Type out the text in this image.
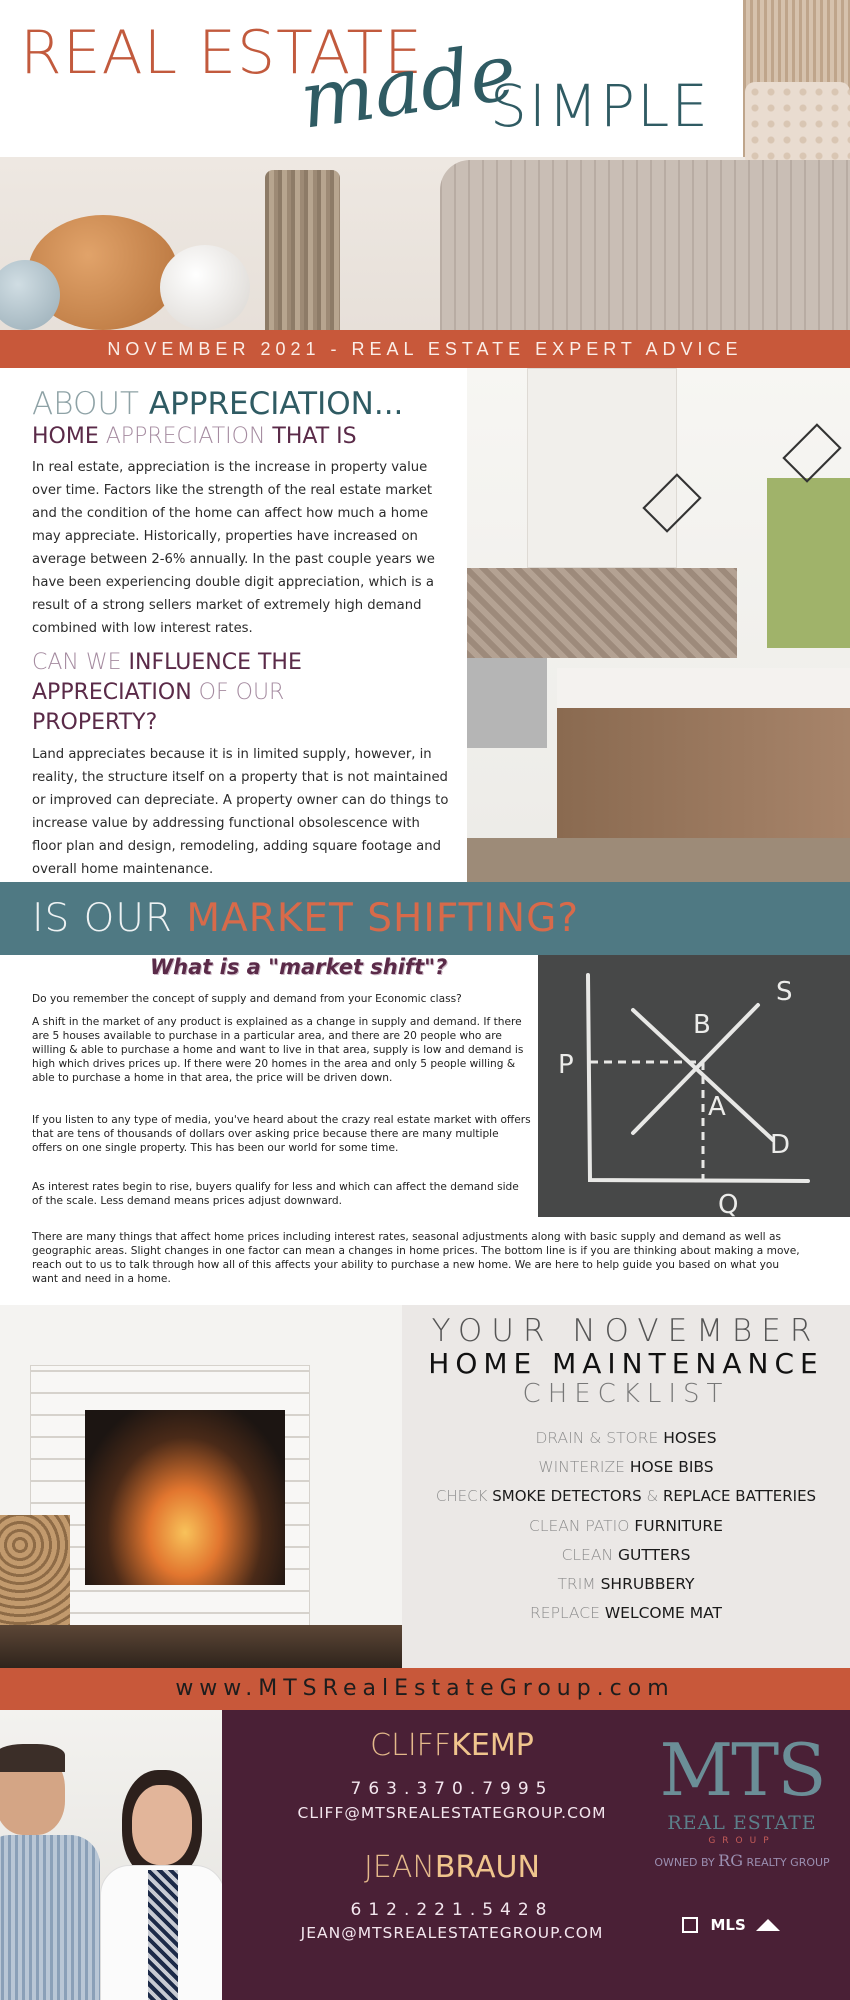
REAL ESTATE
made
SIMPLE
NOVEMBER 2021 - REAL ESTATE EXPERT ADVICE
ABOUT APPRECIATION...
HOME APPRECIATION THAT IS

In real estate, appreciation is the increase in property value over time. Factors like the strength of the real estate market and the condition of the home can affect how much a home may appreciate. Historically, properties have increased on average between 2-6% annually. In the past couple years we have been experiencing double digit appreciation, which is a result of a strong sellers market of extremely high demand combined with low interest rates.

CAN WE INFLUENCE THE APPRECIATION OF OUR PROPERTY?

Land appreciates because it is in limited supply, however, in reality, the structure itself on a property that is not maintained or improved can depreciate. A property owner can do things to increase value by addressing functional obsolescence with floor plan and design, remodeling, adding square footage and overall home maintenance.

IS OUR MARKET SHIFTING?
What is a "market shift"?

Do you remember the concept of supply and demand from your Economic class?

A shift in the market of any product is explained as a change in supply and demand. If there are 5 houses available to purchase in a particular area, and there are 20 people who are willing & able to purchase a home and want to live in that area, supply is low and demand is high which drives prices up. If there were 20 homes in the area and only 5 people willing & able to purchase a home in that area, the price will be driven down.

If you listen to any type of media, you've heard about the crazy real estate market with offers that are tens of thousands of dollars over asking price because there are many multiple offers on one single property. This has been our world for some time.

As interest rates begin to rise, buyers qualify for less and which can affect the demand side of the scale. Less demand means prices adjust downward.

There are many things that affect home prices including interest rates, seasonal adjustments along with basic supply and demand as well as geographic areas. Slight changes in one factor can mean a changes in home prices. The bottom line is if you are thinking about making a move, reach out to us to talk through how all of this affects your ability to purchase a new home. We are here to help guide you based on what you want and need in a home.

S
B
P
A
D
Q
YOUR NOVEMBER
HOME MAINTENANCE
CHECKLIST
DRAIN & STORE HOSES
WINTERIZE HOSE BIBS
CHECK SMOKE DETECTORS & REPLACE BATTERIES
CLEAN PATIO FURNITURE
CLEAN GUTTERS
TRIM SHRUBBERY
REPLACE WELCOME MAT
www.MTSRealEstateGroup.com
CLIFFKEMP
763.370.7995
CLIFF@MTSREALESTATEGROUP.COM
JEANBRAUN
612.221.5428
JEAN@MTSREALESTATEGROUP.COM
MTS
REAL ESTATE
GROUP
OWNED BY RG REALTY GROUP
MLS
